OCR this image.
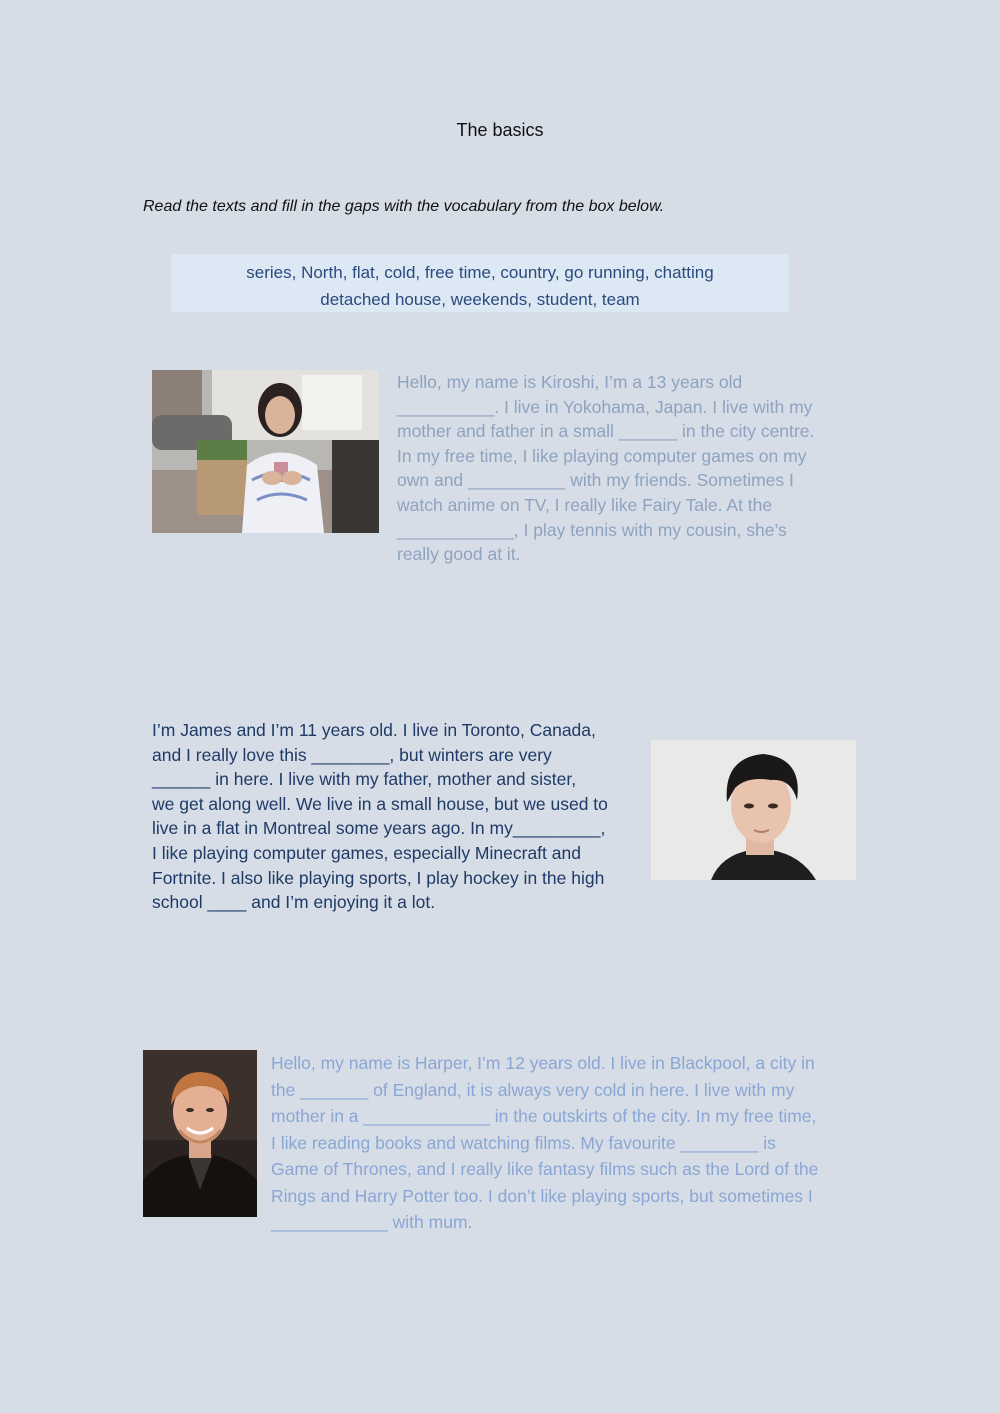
The basics
Read the texts and fill in the gaps with the vocabulary from the box below.
series, North, flat, cold, free time, country, go running, chatting
detached house, weekends, student, team
Hello, my name is Kiroshi, I’m a 13 years old
__________. I live in Yokohama, Japan. I live with my
mother and father in a small ______ in the city centre.
In my free time, I like playing computer games on my
own and __________ with my friends. Sometimes I
watch anime on TV, I really like Fairy Tale. At the
____________, I play tennis with my cousin, she’s
really good at it.
I’m James and I’m 11 years old. I live in Toronto, Canada,
and I really love this ________, but winters are very
______ in here. I live with my father, mother and sister,
we get along well. We live in a small house, but we used to
live in a flat in Montreal some years ago. In my_________,
I like playing computer games, especially Minecraft and
Fortnite. I also like playing sports, I play hockey in the high
school ____ and I’m enjoying it a lot.
Hello, my name is Harper, I’m 12 years old. I live in Blackpool, a city in
the _______ of England, it is always very cold in here. I live with my
mother in a _____________ in the outskirts of the city. In my free time,
I like reading books and watching films. My favourite ________ is
Game of Thrones, and I really like fantasy films such as the Lord of the
Rings and Harry Potter too. I don’t like playing sports, but sometimes I
____________ with mum.
